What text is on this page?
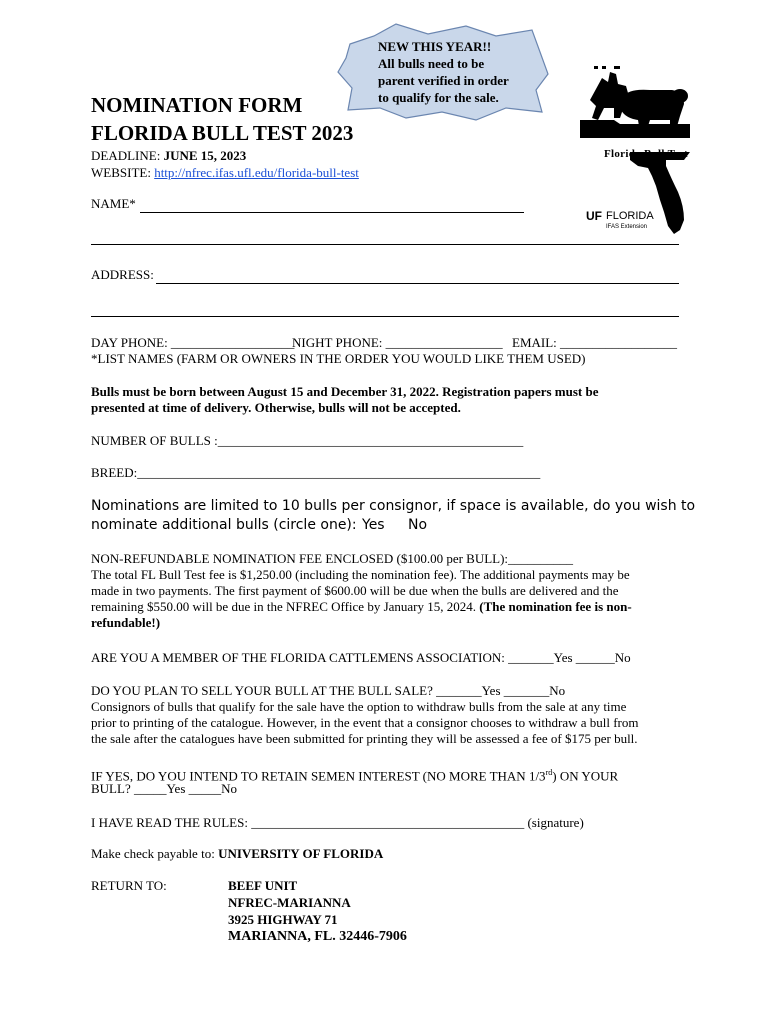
NEW THIS YEAR!!
All bulls need to be
parent verified in order
to qualify for the sale.
Florida Bull Test
UF FLORIDA
IFAS Extension
NOMINATION FORM
FLORIDA BULL TEST 2023
DEADLINE: JUNE 15, 2023
WEBSITE: http://nfrec.ifas.ufl.edu/florida-bull-test
NAME*
ADDRESS:
DAY PHONE: ___________________
NIGHT PHONE: __________________ EMAIL: __________________
*LIST NAMES (FARM OR OWNERS IN THE ORDER YOU WOULD LIKE THEM USED)
Bulls must be born between August 15 and December 31, 2022. Registration papers must be
presented at time of delivery. Otherwise, bulls will not be accepted.
NUMBER OF BULLS :_______________________________________________
BREED:______________________________________________________________
Nominations are limited to 10 bulls per consignor, if space is available, do you wish to
nominate additional bulls (circle one): Yes No
NON-REFUNDABLE NOMINATION FEE ENCLOSED ($100.00 per BULL):__________
The total FL Bull Test fee is $1,250.00 (including the nomination fee). The additional payments may be
made in two payments. The first payment of $600.00 will be due when the bulls are delivered and the
remaining $550.00 will be due in the NFREC Office by January 15, 2024. (The nomination fee is non-
refundable!)
ARE YOU A MEMBER OF THE FLORIDA CATTLEMENS ASSOCIATION: _______Yes ______No
DO YOU PLAN TO SELL YOUR BULL AT THE BULL SALE? _______Yes _______No
Consignors of bulls that qualify for the sale have the option to withdraw bulls from the sale at any time
prior to printing of the catalogue. However, in the event that a consignor chooses to withdraw a bull from
the sale after the catalogues have been submitted for printing they will be assessed a fee of $175 per bull.
IF YES, DO YOU INTEND TO RETAIN SEMEN INTEREST (NO MORE THAN 1/3rd) ON YOUR
BULL? _____Yes _____No
I HAVE READ THE RULES: __________________________________________ (signature)
Make check payable to: UNIVERSITY OF FLORIDA
RETURN TO:	BEEF UNIT
NFREC-MARIANNA
3925 HIGHWAY 71
MARIANNA, FL. 32446-7906
